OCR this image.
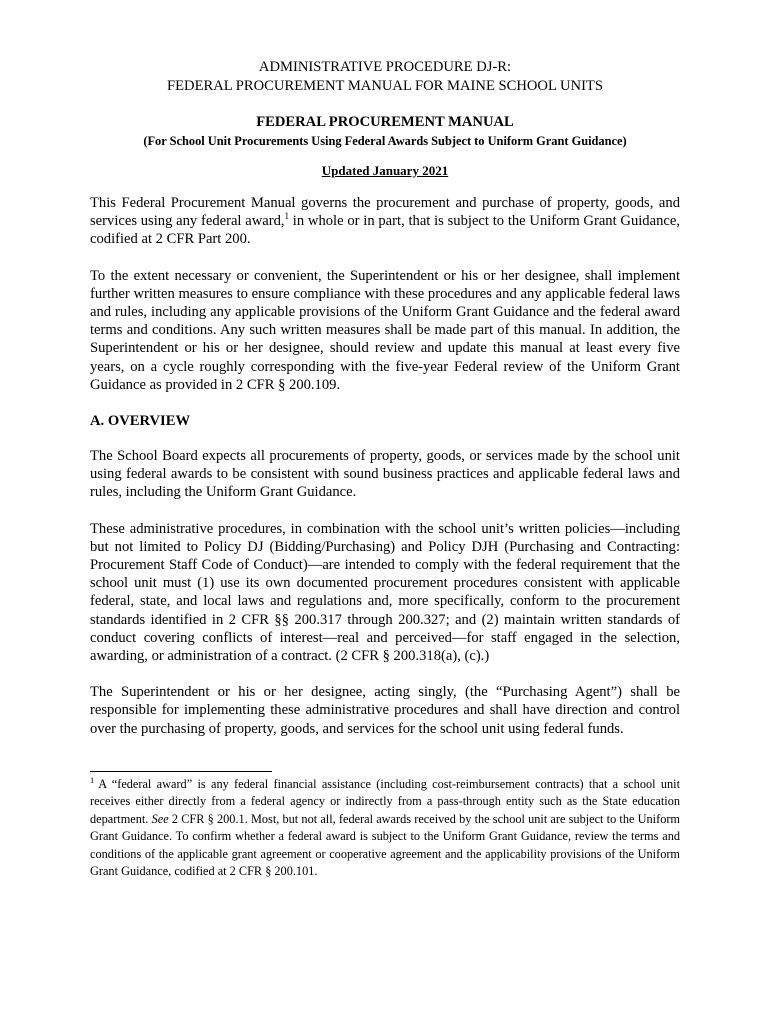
ADMINISTRATIVE PROCEDURE DJ-R:

FEDERAL PROCUREMENT MANUAL FOR MAINE SCHOOL UNITS

FEDERAL PROCUREMENT MANUAL

(For School Unit Procurements Using Federal Awards Subject to Uniform Grant Guidance)

Updated January 2021

This Federal Procurement Manual governs the procurement and purchase of property, goods, and services using any federal award,$^1$ in whole or in part, that is subject to the Uniform Grant Guidance, codified at 2 CFR Part 200.

To the extent necessary or convenient, the Superintendent or his or her designee, shall implement further written measures to ensure compliance with these procedures and any applicable federal laws and rules, including any applicable provisions of the Uniform Grant Guidance and the federal award terms and conditions. Any such written measures shall be made part of this manual. In addition, the Superintendent or his or her designee, should review and update this manual at least every five years, on a cycle roughly corresponding with the five-year Federal review of the Uniform Grant Guidance as provided in 2 CFR § 200.109.

A. OVERVIEW

The School Board expects all procurements of property, goods, or services made by the school unit using federal awards to be consistent with sound business practices and applicable federal laws and rules, including the Uniform Grant Guidance.

These administrative procedures, in combination with the school unit’s written policies—including but not limited to Policy DJ (Bidding/Purchasing) and Policy DJH (Purchasing and Contracting: Procurement Staff Code of Conduct)—are intended to comply with the federal requirement that the school unit must (1) use its own documented procurement procedures consistent with applicable federal, state, and local laws and regulations and, more specifically, conform to the procurement standards identified in 2 CFR §§ 200.317 through 200.327; and (2) maintain written standards of conduct covering conflicts of interest—real and perceived—for staff engaged in the selection, awarding, or administration of a contract. (2 CFR § 200.318(a), (c).)

The Superintendent or his or her designee, acting singly, (the “Purchasing Agent”) shall be responsible for implementing these administrative procedures and shall have direction and control over the purchasing of property, goods, and services for the school unit using federal funds.

$^1$ A “federal award” is any federal financial assistance (including cost-reimbursement contracts) that a school unit receives either directly from a federal agency or indirectly from a pass-through entity such as the State education department. See 2 CFR § 200.1. Most, but not all, federal awards received by the school unit are subject to the Uniform Grant Guidance. To confirm whether a federal award is subject to the Uniform Grant Guidance, review the terms and conditions of the applicable grant agreement or cooperative agreement and the applicability provisions of the Uniform Grant Guidance, codified at 2 CFR § 200.101.
